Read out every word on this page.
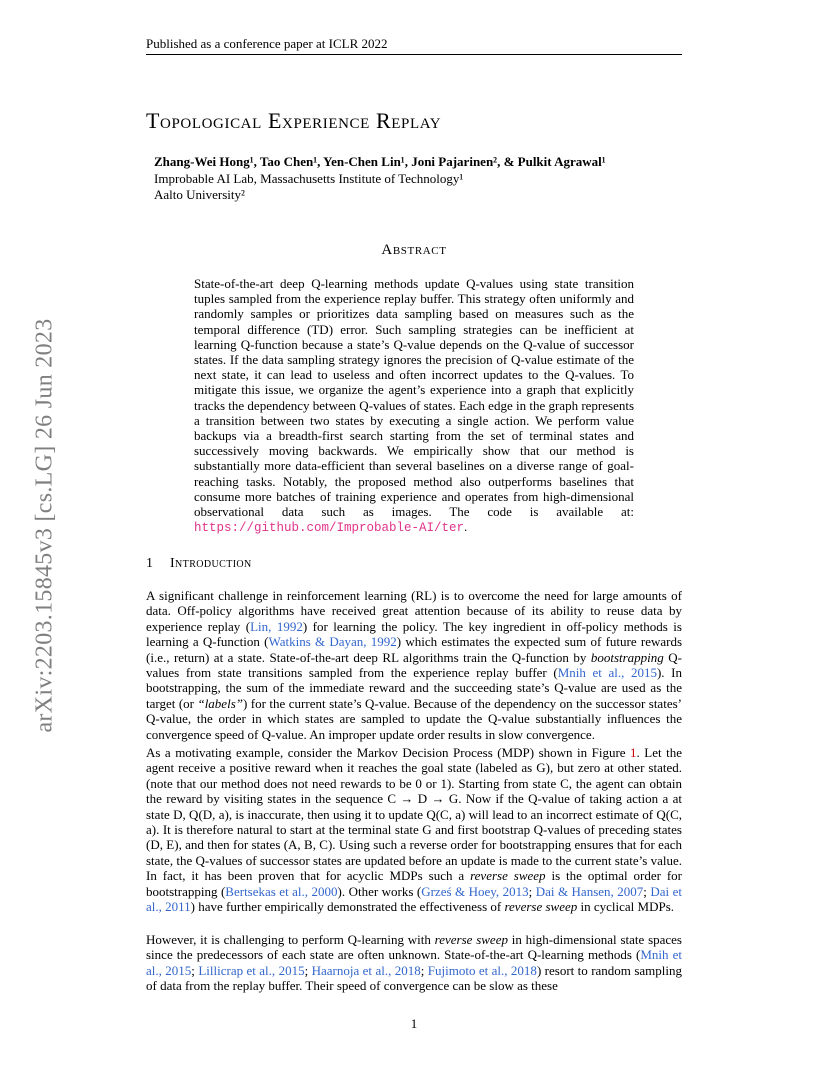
Published as a conference paper at ICLR 2022
arXiv:2203.15845v3 [cs.LG] 26 Jun 2023
Topological Experience Replay
Zhang-Wei Hong¹, Tao Chen¹, Yen-Chen Lin¹, Joni Pajarinen², & Pulkit Agrawal¹
Improbable AI Lab, Massachusetts Institute of Technology¹
Aalto University²
Abstract
State-of-the-art deep Q-learning methods update Q-values using state transition tuples sampled from the experience replay buffer. This strategy often uniformly and randomly samples or prioritizes data sampling based on measures such as the temporal difference (TD) error. Such sampling strategies can be inefficient at learning Q-function because a state’s Q-value depends on the Q-value of successor states. If the data sampling strategy ignores the precision of Q-value estimate of the next state, it can lead to useless and often incorrect updates to the Q-values. To mitigate this issue, we organize the agent’s experience into a graph that explicitly tracks the dependency between Q-values of states. Each edge in the graph represents a transition between two states by executing a single action. We perform value backups via a breadth-first search starting from the set of terminal states and successively moving backwards. We empirically show that our method is substantially more data-efficient than several baselines on a diverse range of goal-reaching tasks. Notably, the proposed method also outperforms baselines that consume more batches of training experience and operates from high-dimensional observational data such as images. The code is available at: https://github.com/Improbable-AI/ter.
1 Introduction
A significant challenge in reinforcement learning (RL) is to overcome the need for large amounts of data. Off-policy algorithms have received great attention because of its ability to reuse data by experience replay (Lin, 1992) for learning the policy. The key ingredient in off-policy methods is learning a Q-function (Watkins & Dayan, 1992) which estimates the expected sum of future rewards (i.e., return) at a state. State-of-the-art deep RL algorithms train the Q-function by bootstrapping Q-values from state transitions sampled from the experience replay buffer (Mnih et al., 2015). In bootstrapping, the sum of the immediate reward and the succeeding state’s Q-value are used as the target (or “labels”) for the current state’s Q-value. Because of the dependency on the successor states’ Q-value, the order in which states are sampled to update the Q-value substantially influences the convergence speed of Q-value. An improper update order results in slow convergence.
As a motivating example, consider the Markov Decision Process (MDP) shown in Figure 1. Let the agent receive a positive reward when it reaches the goal state (labeled as G), but zero at other stated. (note that our method does not need rewards to be 0 or 1). Starting from state C, the agent can obtain the reward by visiting states in the sequence C → D → G. Now if the Q-value of taking action a at state D, Q(D, a), is inaccurate, then using it to update Q(C, a) will lead to an incorrect estimate of Q(C, a). It is therefore natural to start at the terminal state G and first bootstrap Q-values of preceding states (D, E), and then for states (A, B, C). Using such a reverse order for bootstrapping ensures that for each state, the Q-values of successor states are updated before an update is made to the current state’s value. In fact, it has been proven that for acyclic MDPs such a reverse sweep is the optimal order for bootstrapping (Bertsekas et al., 2000). Other works (Grześ & Hoey, 2013; Dai & Hansen, 2007; Dai et al., 2011) have further empirically demonstrated the effectiveness of reverse sweep in cyclical MDPs.
However, it is challenging to perform Q-learning with reverse sweep in high-dimensional state spaces since the predecessors of each state are often unknown. State-of-the-art Q-learning methods (Mnih et al., 2015; Lillicrap et al., 2015; Haarnoja et al., 2018; Fujimoto et al., 2018) resort to random sampling of data from the replay buffer. Their speed of convergence can be slow as these
1
